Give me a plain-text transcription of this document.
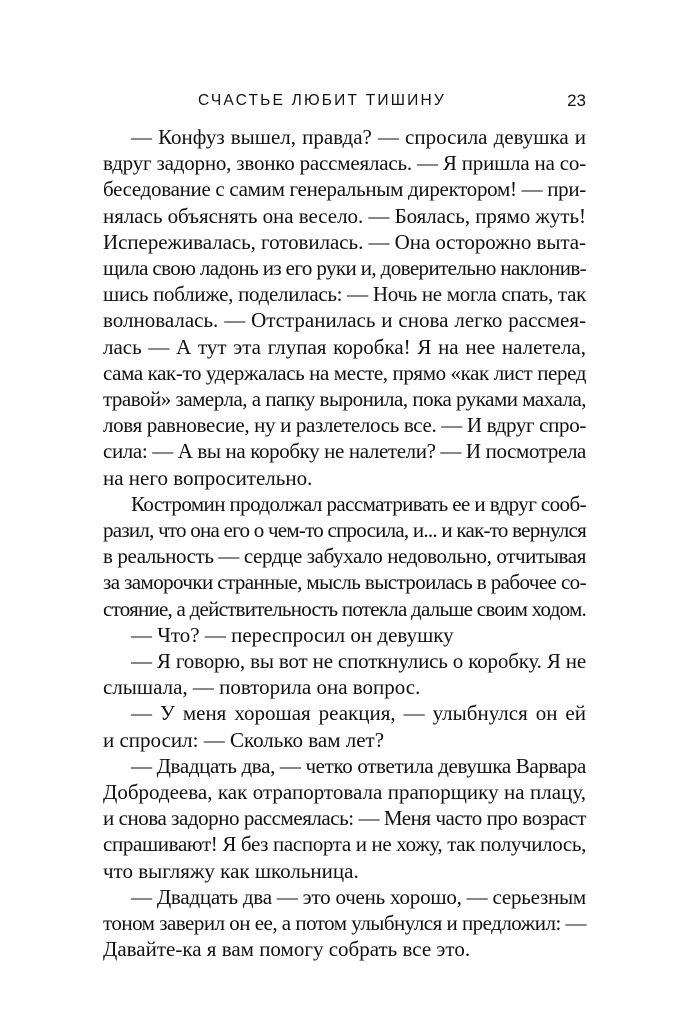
СЧАСТЬЕ ЛЮБИТ ТИШИНУ	23

— Конфуз вышел, правда? — спросила девушка и
вдруг задорно, звонко рассмеялась. — Я пришла на со-
беседование с самим генеральным директором! — при-
нялась объяснять она весело. — Боялась, прямо жуть!
Испереживалась, готовилась. — Она осторожно выта-
щила свою ладонь из его руки и, доверительно наклонив-
шись поближе, поделилась: — Ночь не могла спать, так
волновалась. — Отстранилась и снова легко рассмея-
лась — А тут эта глупая коробка! Я на нее налетела,
сама как-то удержалась на месте, прямо «как лист перед
травой» замерла, а папку выронила, пока руками махала,
ловя равновесие, ну и разлетелось все. — И вдруг спро-
сила: — А вы на коробку не налетели? — И посмотрела
на него вопросительно.

Костромин продолжал рассматривать ее и вдруг сооб-
разил, что она его о чем-то спросила, и... и как-то вернулся
в реальность — сердце забухало недовольно, отчитывая
за заморочки странные, мысль выстроилась в рабочее со-
стояние, а действительность потекла дальше своим ходом.

— Что? — переспросил он девушку

— Я говорю, вы вот не споткнулись о коробку. Я не
слышала, — повторила она вопрос.

— У меня хорошая реакция, — улыбнулся он ей
и спросил: — Сколько вам лет?

— Двадцать два, — четко ответила девушка Варвара
Добродеева, как отрапортовала прапорщику на плацу,
и снова задорно рассмеялась: — Меня часто про возраст
спрашивают! Я без паспорта и не хожу, так получилось,
что выгляжу как школьница.

— Двадцать два — это очень хорошо, — серьезным
тоном заверил он ее, а потом улыбнулся и предложил: —
Давайте-ка я вам помогу собрать все это.
